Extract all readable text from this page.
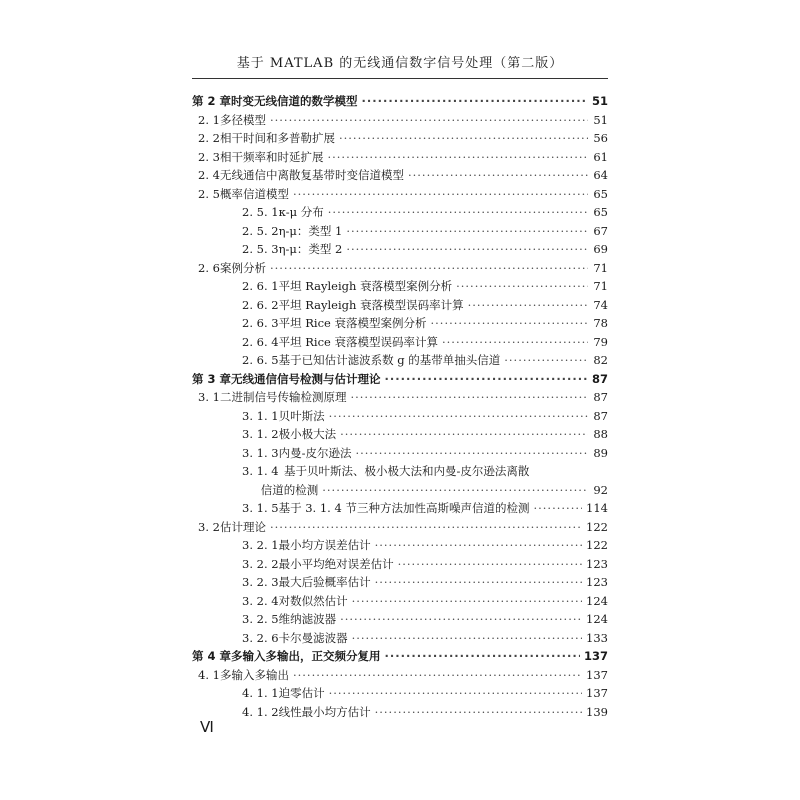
基于 MATLAB 的无线通信数字信号处理（第二版）
第 2 章 时变无线信道的数学模型 ·····	51
2. 1 多径模型 ·····	51
2. 2 相干时间和多普勒扩展 ·····	56
2. 3 相干频率和时延扩展 ·····	61
2. 4 无线通信中离散复基带时变信道模型 ·····	64
2. 5 概率信道模型 ·····	65
2. 5. 1 κ-μ 分布 ·····	65
2. 5. 2 η-μ：类型 1 ·····	67
2. 5. 3 η-μ：类型 2 ·····	69
2. 6 案例分析 ·····	71
2. 6. 1 平坦 Rayleigh 衰落模型案例分析 ·····	71
2. 6. 2 平坦 Rayleigh 衰落模型误码率计算 ·····	74
2. 6. 3 平坦 Rice 衰落模型案例分析 ·····	78
2. 6. 4 平坦 Rice 衰落模型误码率计算 ·····	79
2. 6. 5 基于已知估计滤波系数 g 的基带单抽头信道 ·····	82
第 3 章 无线通信信号检测与估计理论 ·····	87
3. 1 二进制信号传输检测原理 ·····	87
3. 1. 1 贝叶斯法 ·····	87
3. 1. 2 极小极大法 ·····	88
3. 1. 3 内曼-皮尔逊法 ·····	89
3. 1. 4 基于贝叶斯法、极小极大法和内曼-皮尔逊法离散
信道的检测 ·····	92
3. 1. 5 基于 3. 1. 4 节三种方法加性高斯噪声信道的检测 ·····	114
3. 2 估计理论 ·····	122
3. 2. 1 最小均方误差估计 ·····	122
3. 2. 2 最小平均绝对误差估计 ·····	123
3. 2. 3 最大后验概率估计 ·····	123
3. 2. 4 对数似然估计 ·····	124
3. 2. 5 维纳滤波器 ·····	124
3. 2. 6 卡尔曼滤波器 ·····	133
第 4 章 多输入多输出，正交频分复用 ·····	137
4. 1 多输入多输出 ·····	137
4. 1. 1 迫零估计 ·····	137
4. 1. 2 线性最小均方估计 ·····	139
Ⅵ
